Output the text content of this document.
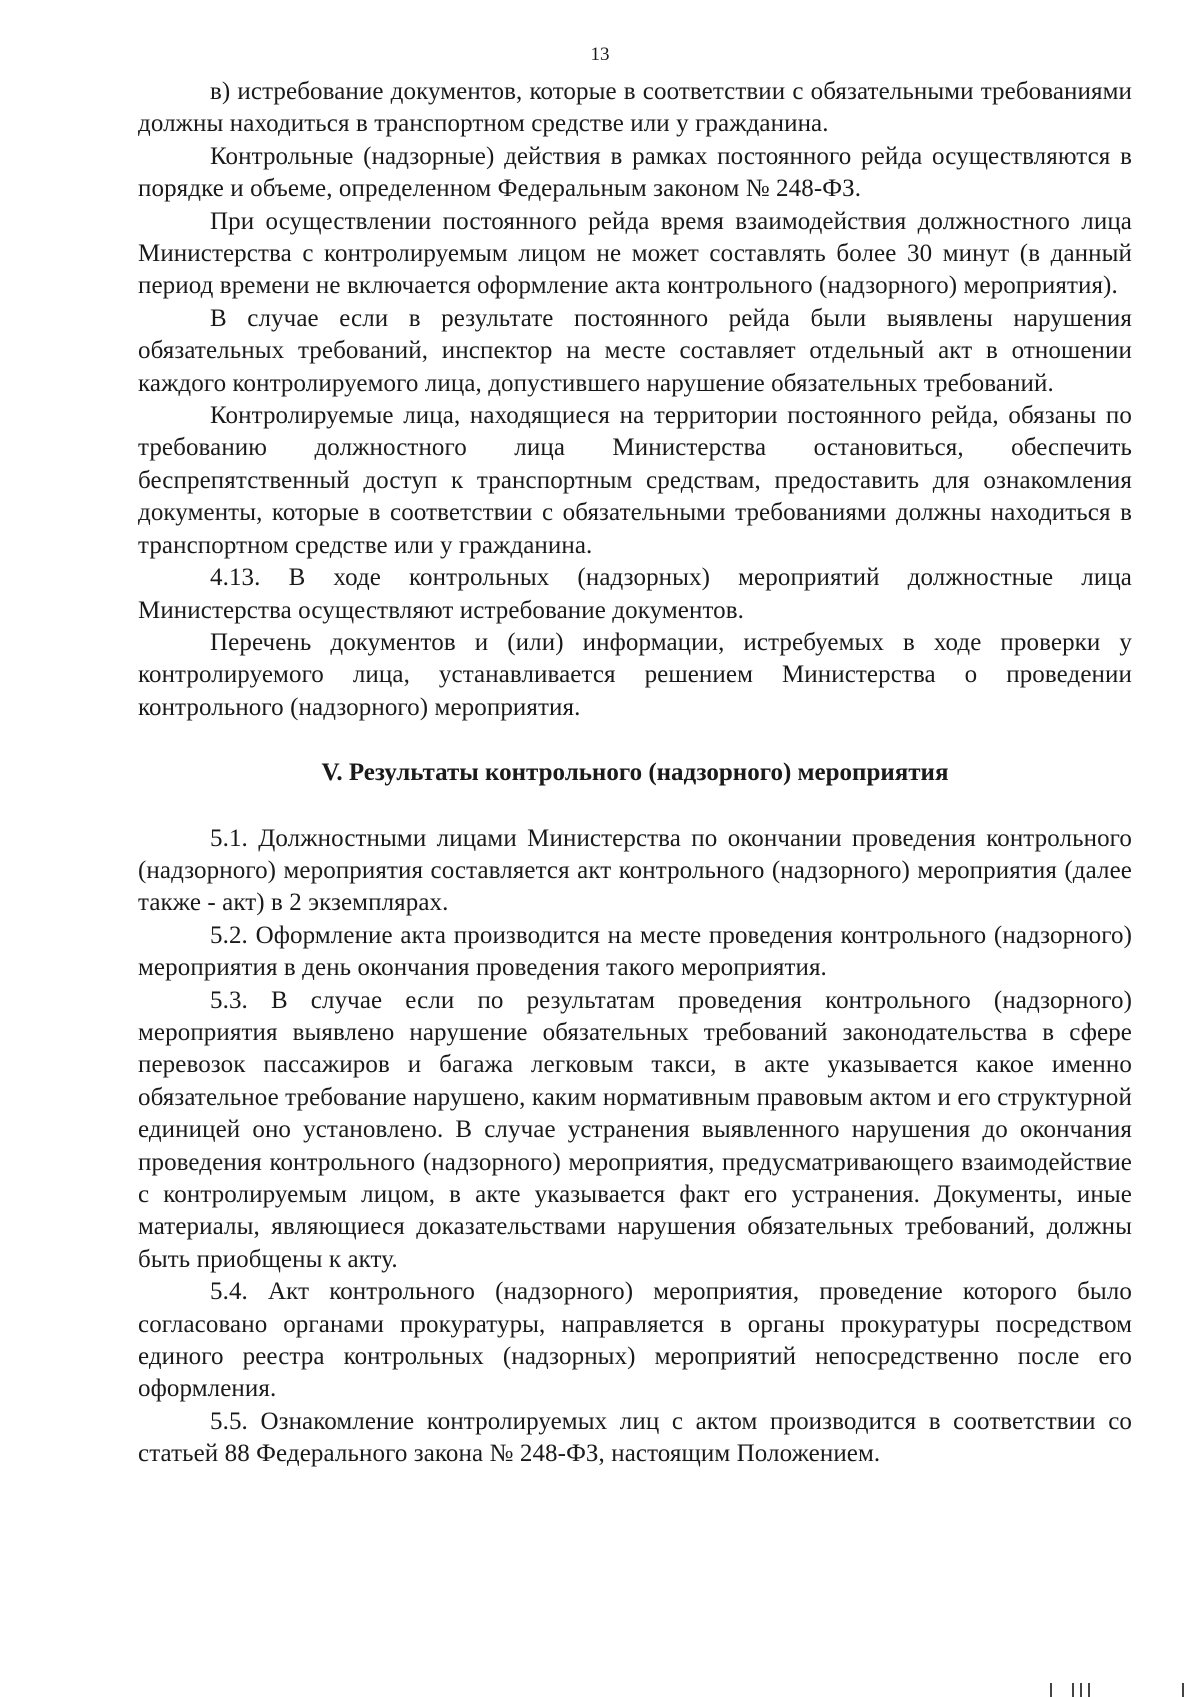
13

в) истребование документов, которые в соответствии с обязательными требованиями должны находиться в транспортном средстве или у гражданина.

Контрольные (надзорные) действия в рамках постоянного рейда осуществляются в порядке и объеме, определенном Федеральным законом № 248-ФЗ.

При осуществлении постоянного рейда время взаимодействия должностного лица Министерства с контролируемым лицом не может составлять более 30 минут (в данный период времени не включается оформление акта контрольного (надзорного) мероприятия).

В случае если в результате постоянного рейда были выявлены нарушения обязательных требований, инспектор на месте составляет отдельный акт в отношении каждого контролируемого лица, допустившего нарушение обязательных требований.

Контролируемые лица, находящиеся на территории постоянного рейда, обязаны по требованию должностного лица Министерства остановиться, обеспечить беспрепятственный доступ к транспортным средствам, предоставить для ознакомления документы, которые в соответствии с обязательными требованиями должны находиться в транспортном средстве или у гражданина.

4.13. В ходе контрольных (надзорных) мероприятий должностные лица Министерства осуществляют истребование документов.

Перечень документов и (или) информации, истребуемых в ходе проверки у контролируемого лица, устанавливается решением Министерства о проведении контрольного (надзорного) мероприятия.

V. Результаты контрольного (надзорного) мероприятия

5.1. Должностными лицами Министерства по окончании проведения контрольного (надзорного) мероприятия составляется акт контрольного (надзорного) мероприятия (далее также - акт) в 2 экземплярах.

5.2. Оформление акта производится на месте проведения контрольного (надзорного) мероприятия в день окончания проведения такого мероприятия.

5.3. В случае если по результатам проведения контрольного (надзорного) мероприятия выявлено нарушение обязательных требований законодательства в сфере перевозок пассажиров и багажа легковым такси, в акте указывается какое именно обязательное требование нарушено, каким нормативным правовым актом и его структурной единицей оно установлено. В случае устранения выявленного нарушения до окончания проведения контрольного (надзорного) мероприятия, предусматривающего взаимодействие с контролируемым лицом, в акте указывается факт его устранения. Документы, иные материалы, являющиеся доказательствами нарушения обязательных требований, должны быть приобщены к акту.

5.4. Акт контрольного (надзорного) мероприятия, проведение которого было согласовано органами прокуратуры, направляется в органы прокуратуры посредством единого реестра контрольных (надзорных) мероприятий непосредственно после его оформления.

5.5. Ознакомление контролируемых лиц с актом производится в соответствии со статьей 88 Федерального закона № 248-ФЗ, настоящим Положением.
